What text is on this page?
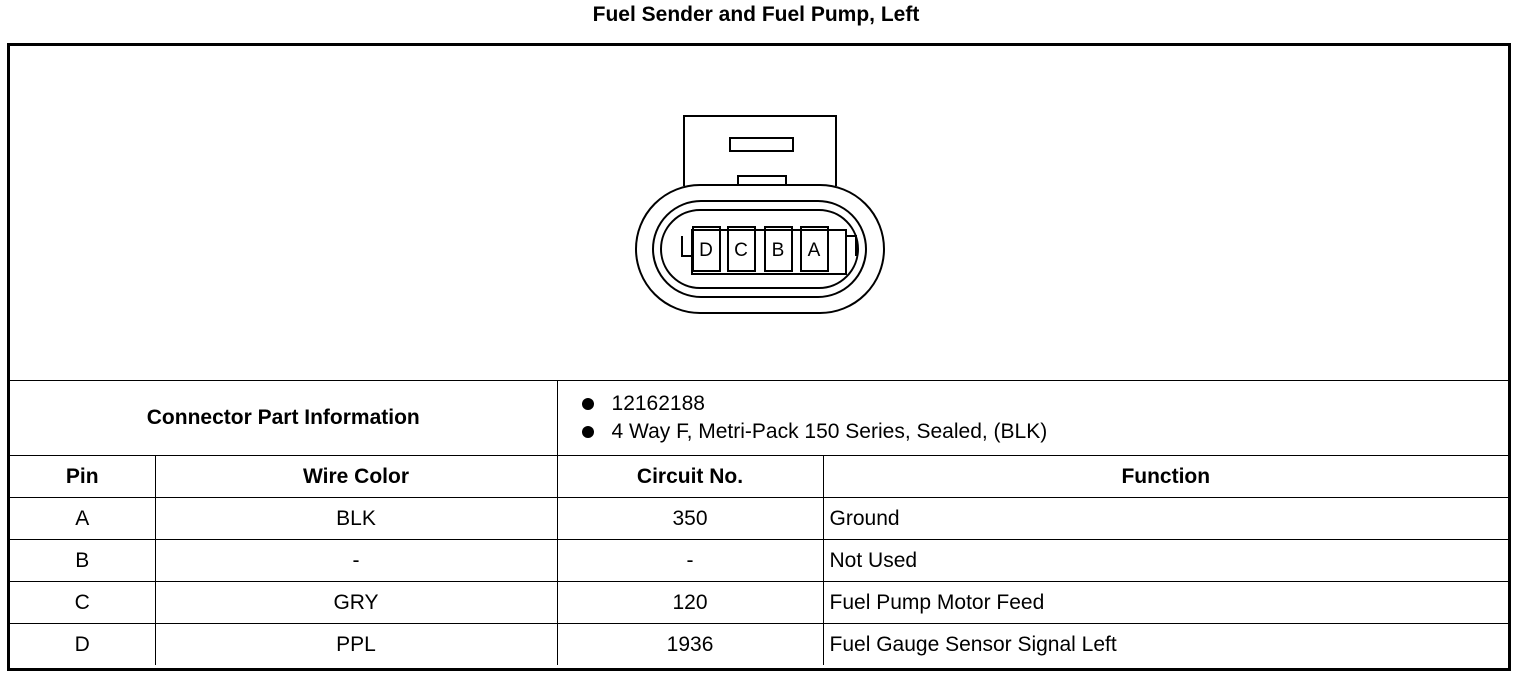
Fuel Sender and Fuel Pump, Left
D C B A
Connector Part Information		12162188
4 Way F, Metri-Pack 150 Series, Sealed, (BLK)	

Pin	Wire Color	Circuit No.	Function
A	BLK	350	Ground
B	-	-	Not Used
C	GRY	120	Fuel Pump Motor Feed
D	PPL	1936	Fuel Gauge Sensor Signal Left
